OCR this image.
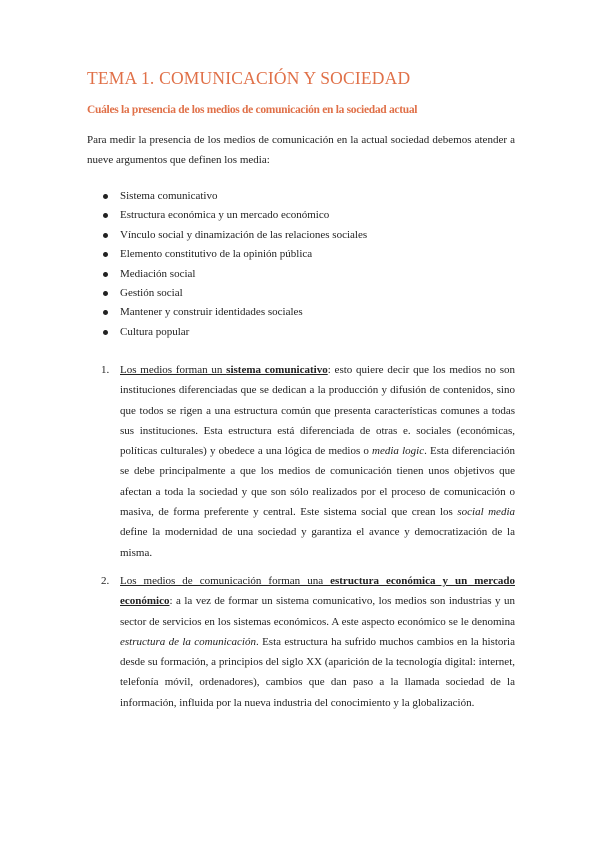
TEMA 1. COMUNICACIÓN Y SOCIEDAD
Cuáles la presencia de los medios de comunicación en la sociedad actual

Para medir la presencia de los medios de comunicación en la actual sociedad debemos atender a nueve argumentos que definen los media:

Sistema comunicativo
Estructura económica y un mercado económico
Vínculo social y dinamización de las relaciones sociales
Elemento constitutivo de la opinión pública
Mediación social
Gestión social
Mantener y construir identidades sociales
Cultura popular
1. Los medios forman un sistema comunicativo: esto quiere decir que los medios no son instituciones diferenciadas que se dedican a la producción y difusión de contenidos, sino que todos se rigen a una estructura común que presenta características comunes a todas sus instituciones. Esta estructura está diferenciada de otras e. sociales (económicas, políticas culturales) y obedece a una lógica de medios o media logic. Esta diferenciación se debe principalmente a que los medios de comunicación tienen unos objetivos que afectan a toda la sociedad y que son sólo realizados por el proceso de comunicación o masiva, de forma preferente y central. Este sistema social que crean los social media define la modernidad de una sociedad y garantiza el avance y democratización de la misma.

2. Los medios de comunicación forman una estructura económica y un mercado económico: a la vez de formar un sistema comunicativo, los medios son industrias y un sector de servicios en los sistemas económicos. A este aspecto económico se le denomina estructura de la comunicación. Esta estructura ha sufrido muchos cambios en la historia desde su formación, a principios del siglo XX (aparición de la tecnología digital: internet, telefonía móvil, ordenadores), cambios que dan paso a la llamada sociedad de la información, influida por la nueva industria del conocimiento y la globalización.
